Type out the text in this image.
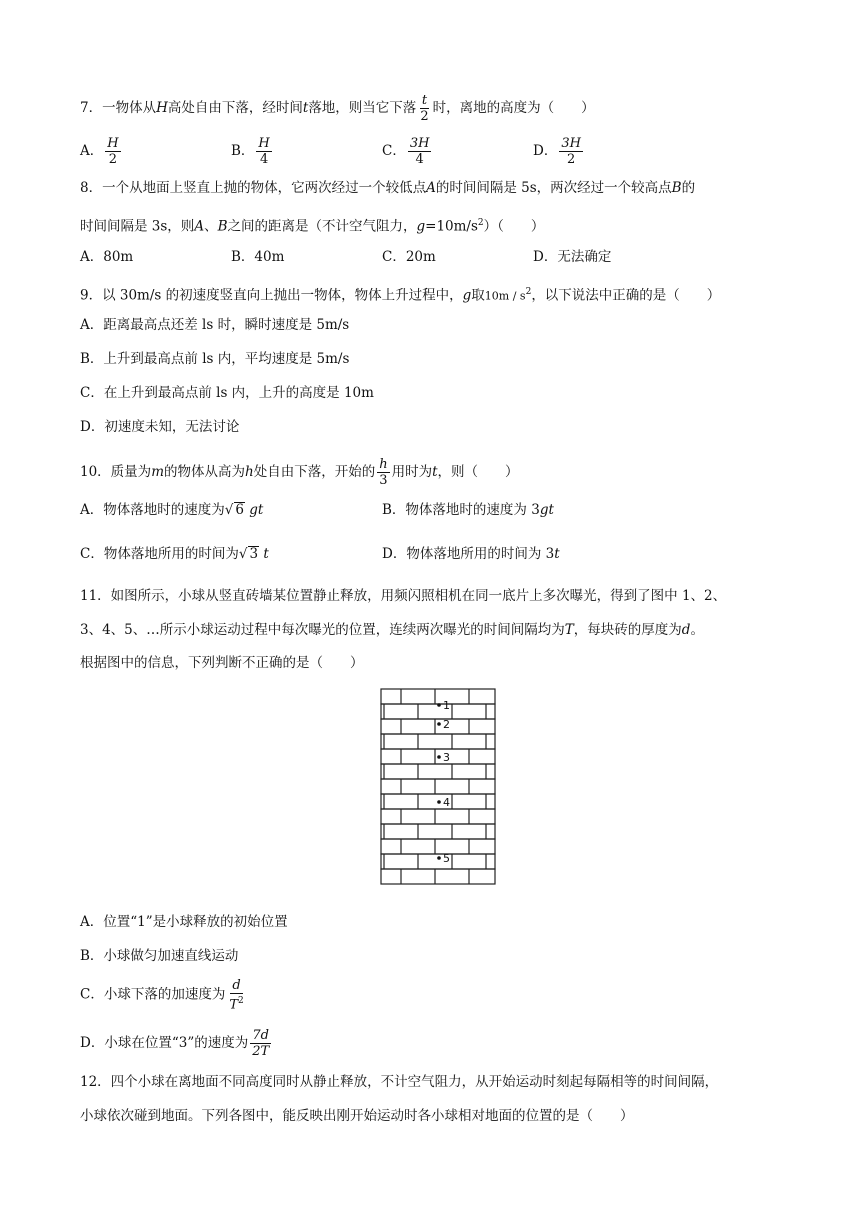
7．一物体从H高处自由下落，经时间t落地，则当它下落 $\frac{t}{2}$ 时，离地的高度为（　　）
A． $\frac{H}{2}$	B． $\frac{H}{4}$	C． $\frac{3H}{4}$	D． $\frac{3H}{2}$
8．一个从地面上竖直上抛的物体，它两次经过一个较低点A的时间间隔是 5s，两次经过一个较高点B的
时间间隔是 3s，则A、B之间的距离是（不计空气阻力，$g=10m/s^2$）（　　）
A．80m	B．40m	C．20m	D．无法确定
9．以 30m/s 的初速度竖直向上抛出一物体，物体上升过程中，g取$10m / s^2$，以下说法中正确的是（　　）
A．距离最高点还差 ls 时，瞬时速度是 5m/s
B．上升到最高点前 ls 内，平均速度是 5m/s
C．在上升到最高点前 ls 内，上升的高度是 10m
D．初速度未知，无法讨论
10．质量为m的物体从高为h处自由下落，开始的 $\frac{h}{3}$ 用时为t，则（　　）
A．物体落地时的速度为√ 6 gt	B．物体落地时的速度为 3gt
C．物体落地所用的时间为√ 3 t	D．物体落地所用的时间为 3t
11．如图所示，小球从竖直砖墙某位置静止释放，用频闪照相机在同一底片上多次曝光，得到了图中 1、2、
3、4、5、…所示小球运动过程中每次曝光的位置，连续两次曝光的时间间隔均为T，每块砖的厚度为d。
根据图中的信息，下列判断不正确的是（　　）
1
2
3
4
5
A．位置“1”是小球释放的初始位置
B．小球做匀加速直线运动
C．小球下落的加速度为 $\frac{d}{T^2}$
D．小球在位置“3”的速度为 $\frac{7d}{2T}$
12．四个小球在离地面不同高度同时从静止释放，不计空气阻力，从开始运动时刻起每隔相等的时间间隔，
小球依次碰到地面。下列各图中，能反映出刚开始运动时各小球相对地面的位置的是（　　）
